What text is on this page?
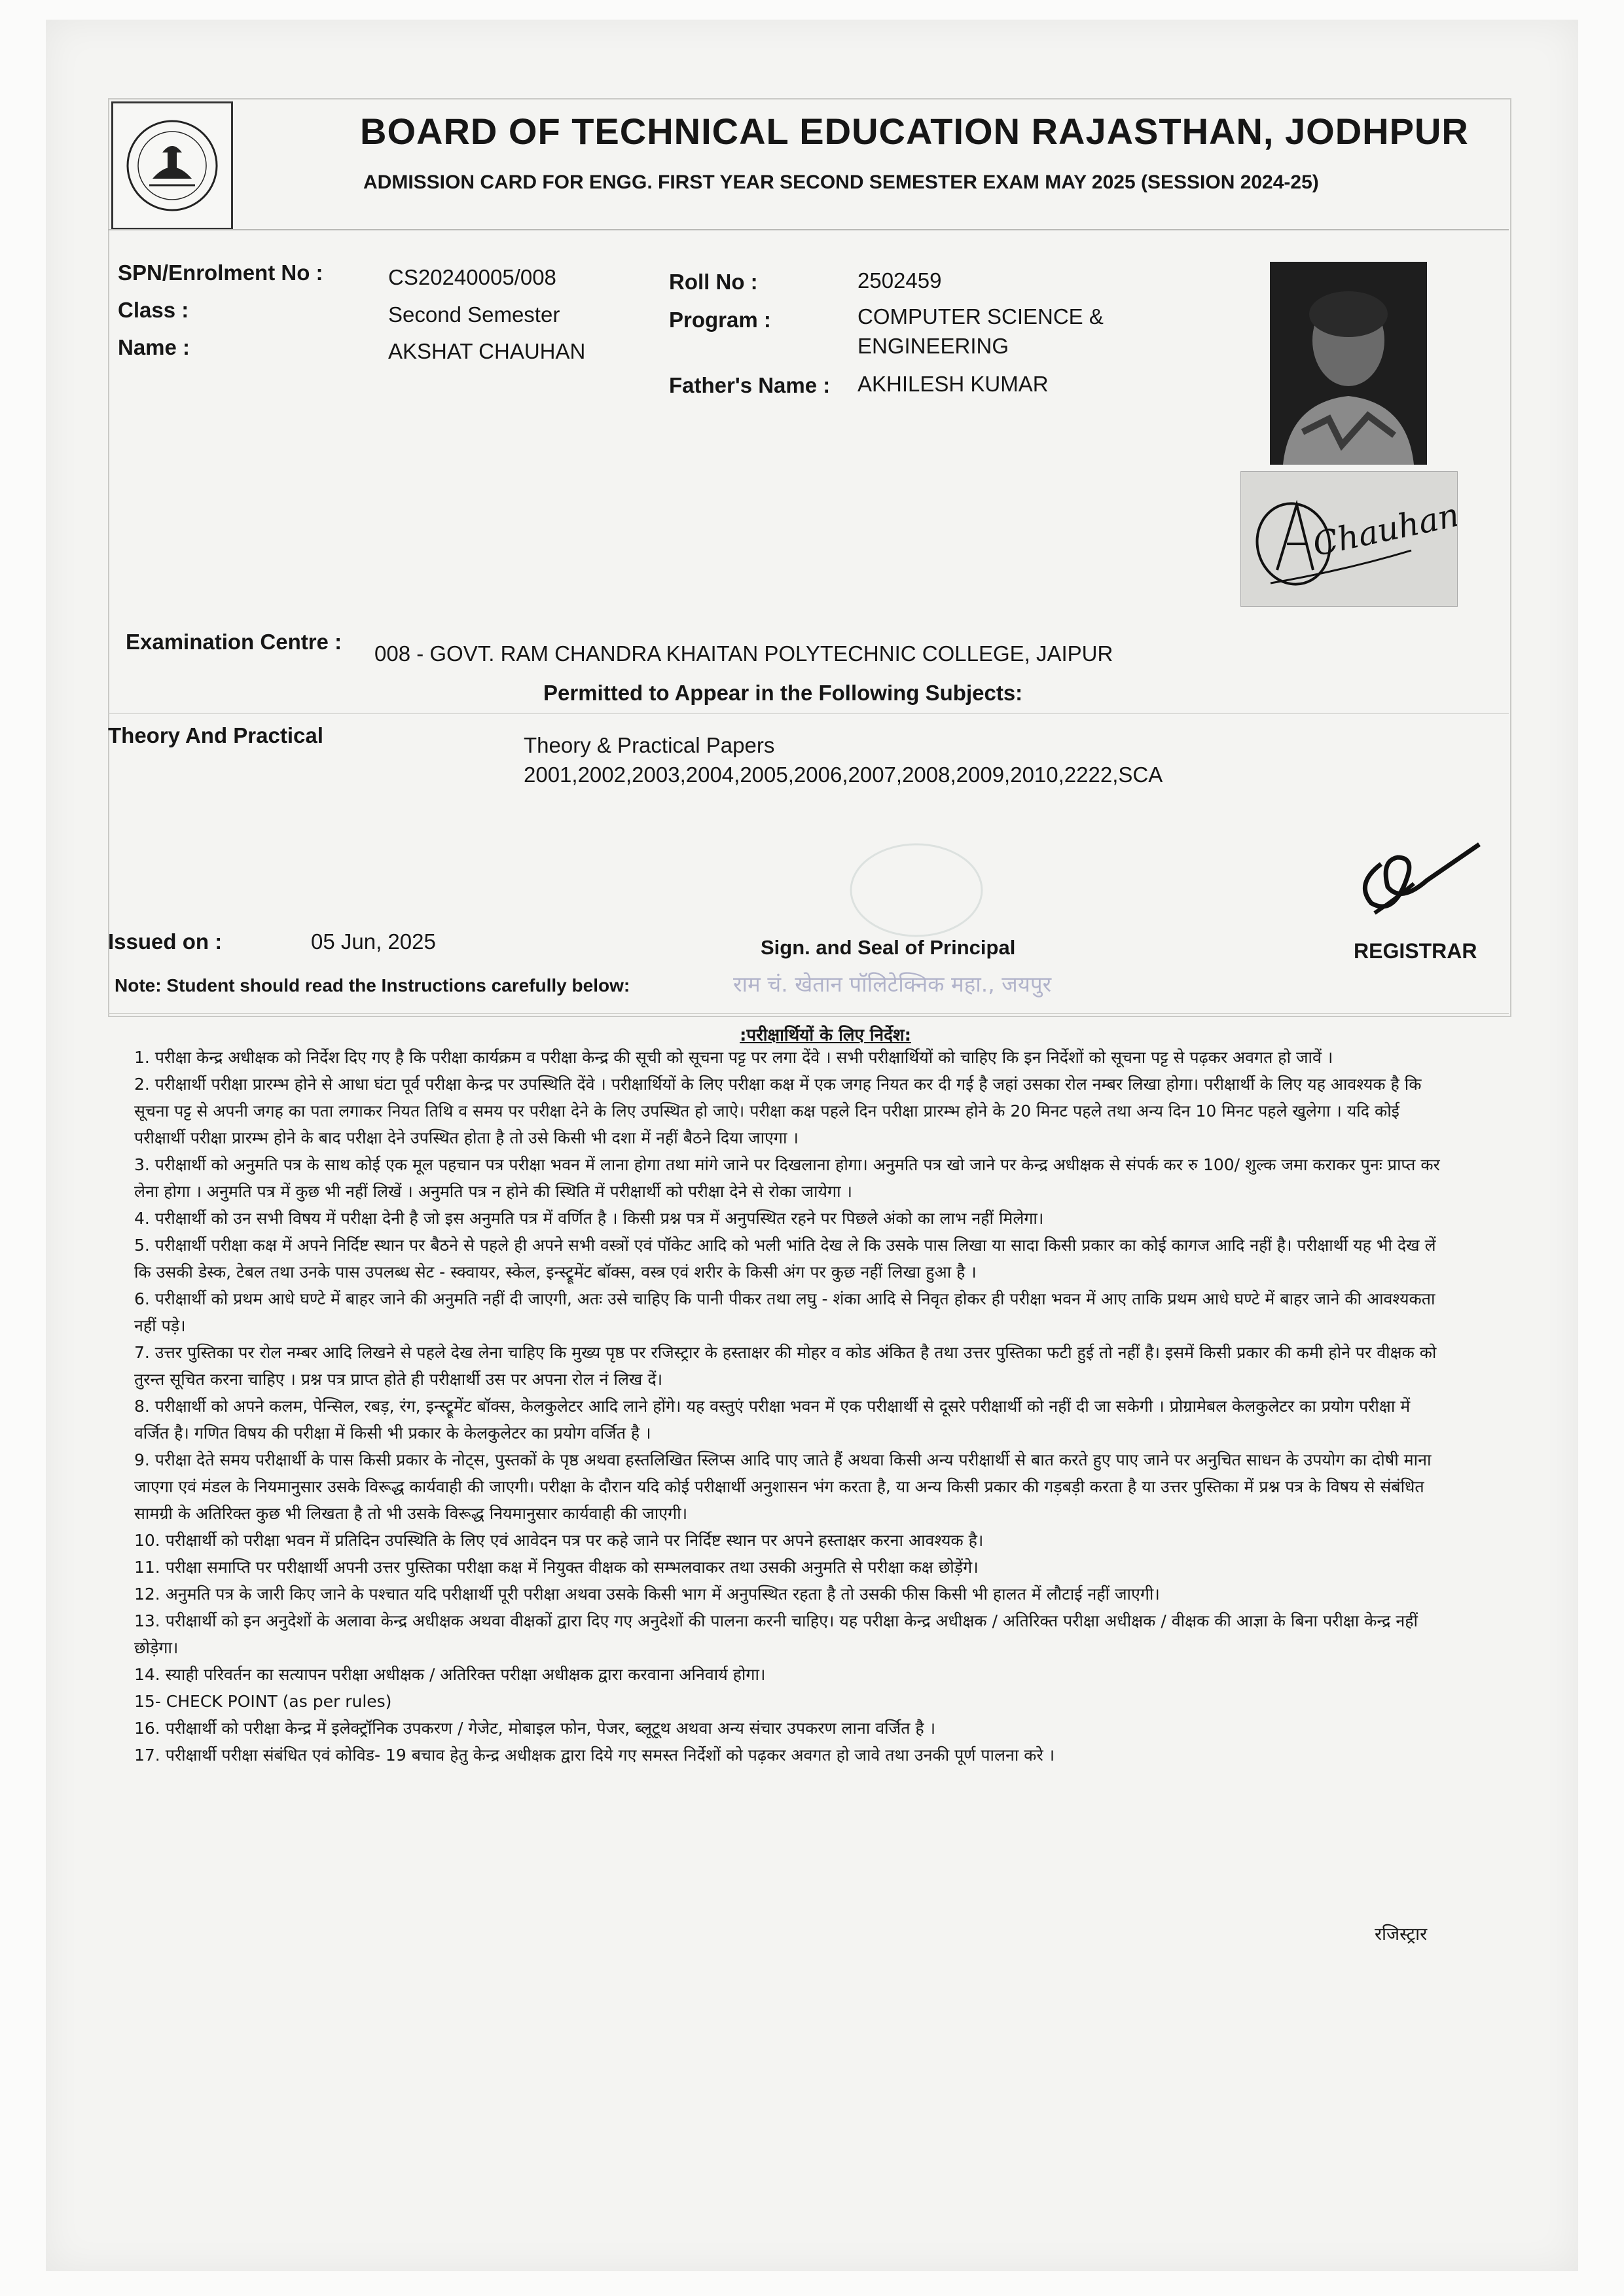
BOARD OF TECHNICAL EDUCATION RAJASTHAN, JODHPUR
ADMISSION CARD FOR ENGG. FIRST YEAR SECOND SEMESTER EXAM MAY 2025 (SESSION 2024-25)
SPN/Enrolment No :	CS20240005/008
Class :	Second Semester
Name :	AKSHAT CHAUHAN
Roll No :	2502459
Program :	COMPUTER SCIENCE &
ENGINEERING
Father's Name : AKHILESH KUMAR
Chauhan
Examination Centre : 008 - GOVT. RAM CHANDRA KHAITAN POLYTECHNIC COLLEGE, JAIPUR
Permitted to Appear in the Following Subjects:
Theory And Practical	Theory & Practical Papers
2001,2002,2003,2004,2005,2006,2007,2008,2009,2010,2222,SCA
Issued on :	05 Jun, 2025	Sign. and Seal of Principal	REGISTRAR
राम चं. खेतान पॉलिटेक्निक महा., जयपुर
Note: Student should read the Instructions carefully below:
:परीक्षार्थियों के लिए निर्देश:

1. परीक्षा केन्द्र अधीक्षक को निर्देश दिए गए है कि परीक्षा कार्यक्रम व परीक्षा केन्द्र की सूची को सूचना पट्ट पर लगा देंवे । सभी परीक्षार्थियों को चाहिए कि इन निर्देशों को सूचना पट्ट से पढ़कर अवगत हो जावें ।

2. परीक्षार्थी परीक्षा प्रारम्भ होने से आधा घंटा पूर्व परीक्षा केन्द्र पर उपस्थिति देंवे । परीक्षार्थियों के लिए परीक्षा कक्ष में एक जगह नियत कर दी गई है जहां उसका रोल नम्बर लिखा होगा। परीक्षार्थी के लिए यह आवश्यक है कि सूचना पट्ट से अपनी जगह का पता लगाकर नियत तिथि व समय पर परीक्षा देने के लिए उपस्थित हो जाऐ। परीक्षा कक्ष पहले दिन परीक्षा प्रारम्भ होने के 20 मिनट पहले तथा अन्य दिन 10 मिनट पहले खुलेगा । यदि कोई परीक्षार्थी परीक्षा प्रारम्भ होने के बाद परीक्षा देने उपस्थित होता है तो उसे किसी भी दशा में नहीं बैठने दिया जाएगा ।

3. परीक्षार्थी को अनुमति पत्र के साथ कोई एक मूल पहचान पत्र परीक्षा भवन में लाना होगा तथा मांगे जाने पर दिखलाना होगा। अनुमति पत्र खो जाने पर केन्द्र अधीक्षक से संपर्क कर रु 100/ शुल्क जमा कराकर पुनः प्राप्त कर लेना होगा । अनुमति पत्र में कुछ भी नहीं लिखें । अनुमति पत्र न होने की स्थिति में परीक्षार्थी को परीक्षा देने से रोका जायेगा ।

4. परीक्षार्थी को उन सभी विषय में परीक्षा देनी है जो इस अनुमति पत्र में वर्णित है । किसी प्रश्न पत्र में अनुपस्थित रहने पर पिछले अंको का लाभ नहीं मिलेगा।

5. परीक्षार्थी परीक्षा कक्ष में अपने निर्दिष्ट स्थान पर बैठने से पहले ही अपने सभी वस्त्रों एवं पॉकेट आदि को भली भांति देख ले कि उसके पास लिखा या सादा किसी प्रकार का कोई कागज आदि नहीं है। परीक्षार्थी यह भी देख लें कि उसकी डेस्क, टेबल तथा उनके पास उपलब्ध सेट - स्क्वायर, स्केल, इन्स्ट्रूमेंट बॉक्स, वस्त्र एवं शरीर के किसी अंग पर कुछ नहीं लिखा हुआ है ।

6. परीक्षार्थी को प्रथम आधे घण्टे में बाहर जाने की अनुमति नहीं दी जाएगी, अतः उसे चाहिए कि पानी पीकर तथा लघु - शंका आदि से निवृत होकर ही परीक्षा भवन में आए ताकि प्रथम आधे घण्टे में बाहर जाने की आवश्यकता नहीं पड़े।

7. उत्तर पुस्तिका पर रोल नम्बर आदि लिखने से पहले देख लेना चाहिए कि मुख्य पृष्ठ पर रजिस्ट्रार के हस्ताक्षर की मोहर व कोड अंकित है तथा उत्तर पुस्तिका फटी हुई तो नहीं है। इसमें किसी प्रकार की कमी होने पर वीक्षक को तुरन्त सूचित करना चाहिए । प्रश्न पत्र प्राप्त होते ही परीक्षार्थी उस पर अपना रोल नं लिख दें।

8. परीक्षार्थी को अपने कलम, पेन्सिल, रबड़, रंग, इन्स्ट्रूमेंट बॉक्स, केलकुलेटर आदि लाने होंगे। यह वस्तुएं परीक्षा भवन में एक परीक्षार्थी से दूसरे परीक्षार्थी को नहीं दी जा सकेगी । प्रोग्रामेबल केलकुलेटर का प्रयोग परीक्षा में वर्जित है। गणित विषय की परीक्षा में किसी भी प्रकार के केलकुलेटर का प्रयोग वर्जित है ।

9. परीक्षा देते समय परीक्षार्थी के पास किसी प्रकार के नोट्स, पुस्तकों के पृष्ठ अथवा हस्तलिखित स्लिप्स आदि पाए जाते हैं अथवा किसी अन्य परीक्षार्थी से बात करते हुए पाए जाने पर अनुचित साधन के उपयोग का दोषी माना जाएगा एवं मंडल के नियमानुसार उसके विरूद्ध कार्यवाही की जाएगी। परीक्षा के दौरान यदि कोई परीक्षार्थी अनुशासन भंग करता है, या अन्य किसी प्रकार की गड़बड़ी करता है या उत्तर पुस्तिका में प्रश्न पत्र के विषय से संबंधित सामग्री के अतिरिक्त कुछ भी लिखता है तो भी उसके विरूद्ध नियमानुसार कार्यवाही की जाएगी।

10. परीक्षार्थी को परीक्षा भवन में प्रतिदिन उपस्थिति के लिए एवं आवेदन पत्र पर कहे जाने पर निर्दिष्ट स्थान पर अपने हस्ताक्षर करना आवश्यक है।

11. परीक्षा समाप्ति पर परीक्षार्थी अपनी उत्तर पुस्तिका परीक्षा कक्ष में नियुक्त वीक्षक को सम्भलवाकर तथा उसकी अनुमति से परीक्षा कक्ष छोड़ेंगे।

12. अनुमति पत्र के जारी किए जाने के पश्चात यदि परीक्षार्थी पूरी परीक्षा अथवा उसके किसी भाग में अनुपस्थित रहता है तो उसकी फीस किसी भी हालत में लौटाई नहीं जाएगी।

13. परीक्षार्थी को इन अनुदेशों के अलावा केन्द्र अधीक्षक अथवा वीक्षकों द्वारा दिए गए अनुदेशों की पालना करनी चाहिए। यह परीक्षा केन्द्र अधीक्षक / अतिरिक्त परीक्षा अधीक्षक / वीक्षक की आज्ञा के बिना परीक्षा केन्द्र नहीं छोड़ेगा।

14. स्याही परिवर्तन का सत्यापन परीक्षा अधीक्षक / अतिरिक्त परीक्षा अधीक्षक द्वारा करवाना अनिवार्य होगा।

15- CHECK POINT (as per rules)

16. परीक्षार्थी को परीक्षा केन्द्र में इलेक्ट्रॉनिक उपकरण / गेजेट, मोबाइल फोन, पेजर, ब्लूटूथ अथवा अन्य संचार उपकरण लाना वर्जित है ।

17. परीक्षार्थी परीक्षा संबंधित एवं कोविड- 19 बचाव हेतु केन्द्र अधीक्षक द्वारा दिये गए समस्त निर्देशों को पढ़कर अवगत हो जावे तथा उनकी पूर्ण पालना करे ।

रजिस्ट्रार
